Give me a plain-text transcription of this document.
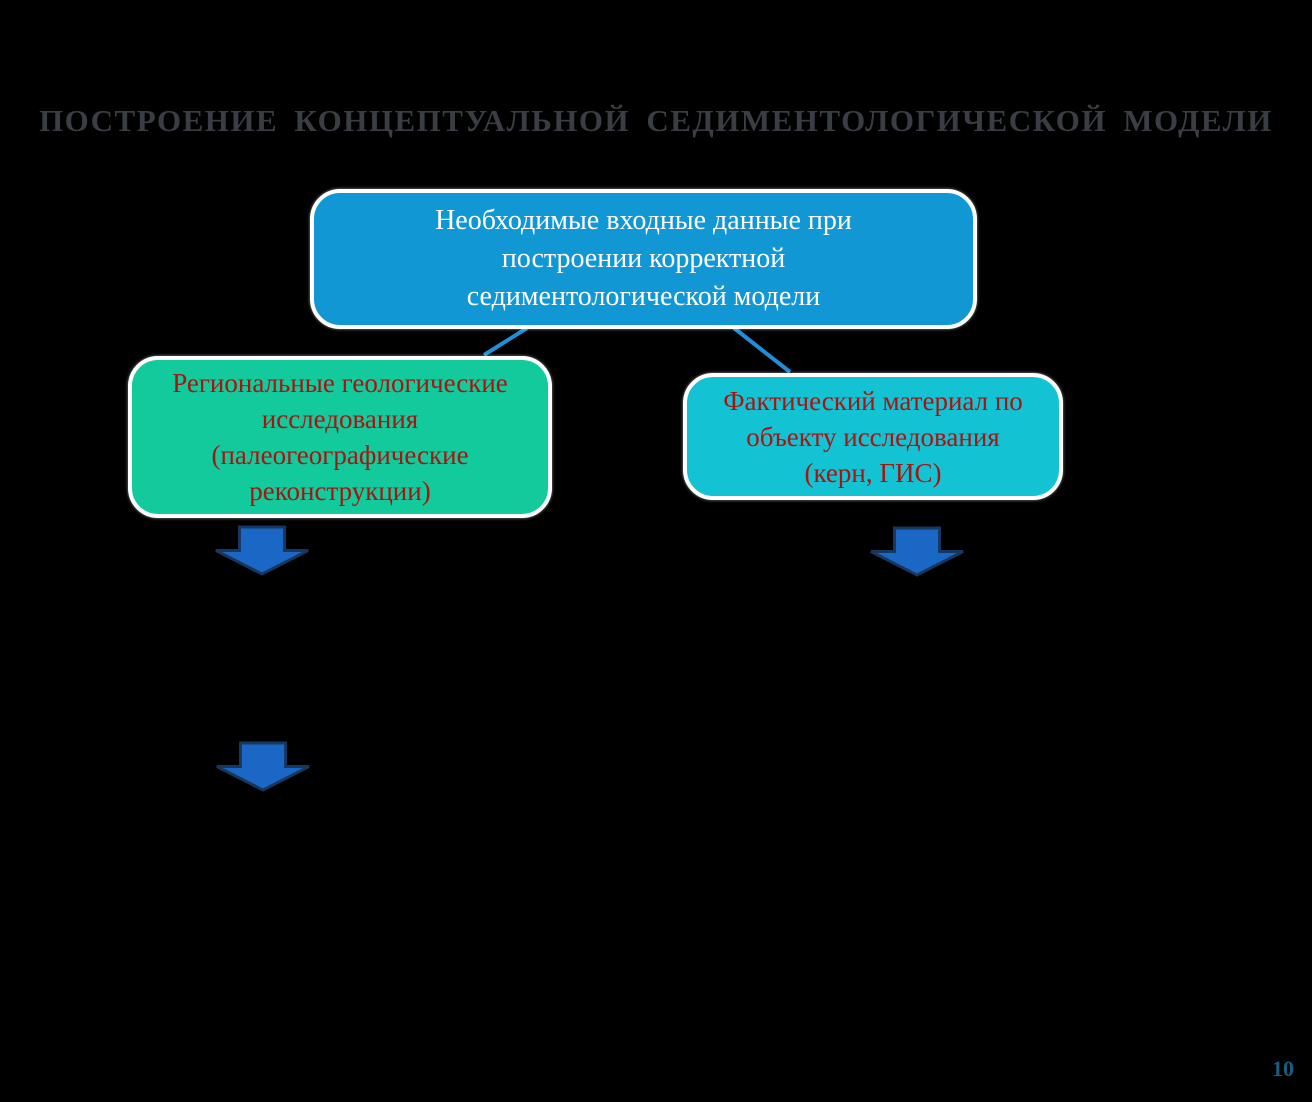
ПОСТРОЕНИЕ КОНЦЕПТУАЛЬНОЙ СЕДИМЕНТОЛОГИЧЕСКОЙ МОДЕЛИ
Необходимые входные данные при
построении корректной
седиментологической модели
Региональные геологические
исследования
(палеогеографические
реконструкции)
Фактический материал по
объекту исследования
(керн, ГИС)
10
